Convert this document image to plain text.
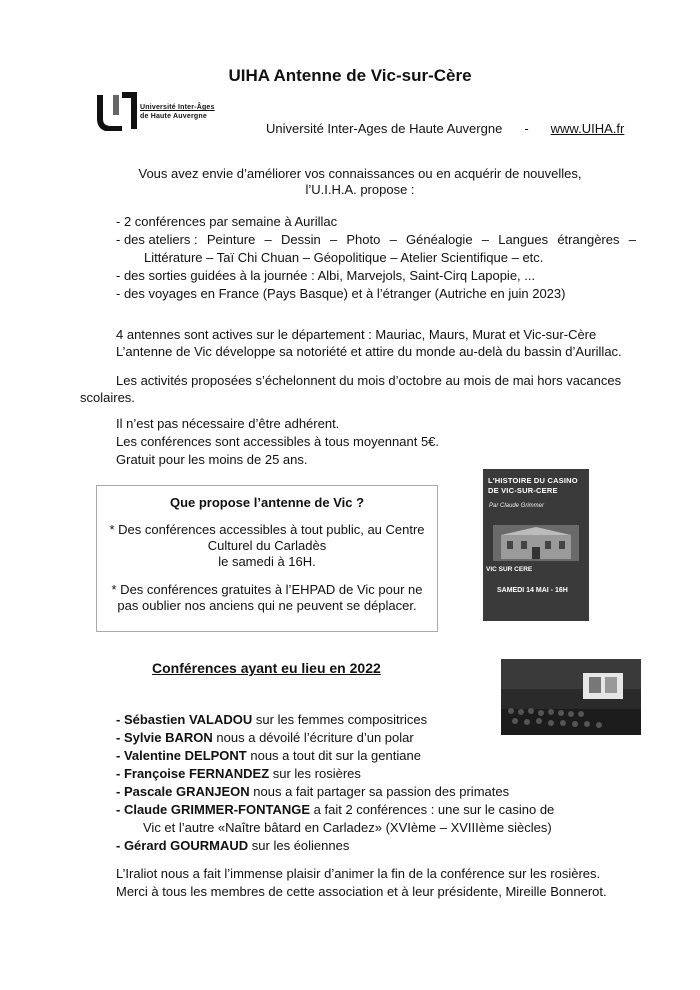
UIHA Antenne de Vic-sur-Cère
Université Inter-Âges
de Haute Auvergne
Université Inter-Ages de Haute Auvergne - www.UIHA.fr
Vous avez envie d’améliorer vos connaissances ou en acquérir de nouvelles,
l’U.I.H.A. propose :
- 2 conférences par semaine à Aurillac
- des ateliers : Peinture – Dessin – Photo – Généalogie – Langues étrangères –
Littérature – Taï Chi Chuan – Géopolitique – Atelier Scientifique – etc.
- des sorties guidées à la journée : Albi, Marvejols, Saint-Cirq Lapopie, ...
- des voyages en France (Pays Basque) et à l’étranger (Autriche en juin 2023)
4 antennes sont actives sur le département : Mauriac, Maurs, Murat et Vic-sur-Cère
L’antenne de Vic développe sa notoriété et attire du monde au-delà du bassin d’Aurillac.
Les activités proposées s’échelonnent du mois d’octobre au mois de mai hors vacances
scolaires.
Il n’est pas nécessaire d’être adhérent.
Les conférences sont accessibles à tous moyennant 5€.
Gratuit pour les moins de 25 ans.
Que propose l’antenne de Vic ?
* Des conférences accessibles à tout public, au Centre
Culturel du Carladès
le samedi à 16H.
* Des conférences gratuites à l’EHPAD de Vic pour ne
pas oublier nos anciens qui ne peuvent se déplacer.
L'HISTOIRE DU CASINO
DE VIC-SUR-CERE
Par Claude Grimmer
VIC SUR CERE
SAMEDI 14 MAI - 16H
Conférences ayant eu lieu en 2022
- Sébastien VALADOU sur les femmes compositrices
- Sylvie BARON nous a dévoilé l’écriture d’un polar
- Valentine DELPONT nous a tout dit sur la gentiane
- Françoise FERNANDEZ sur les rosières
- Pascale GRANJEON nous a fait partager sa passion des primates
- Claude GRIMMER-FONTANGE a fait 2 conférences : une sur le casino de
Vic et l’autre «Naître bâtard en Carladez» (XVIème – XVIIIème siècles)
- Gérard GOURMAUD sur les éoliennes
L’Iraliot nous a fait l’immense plaisir d’animer la fin de la conférence sur les rosières.
Merci à tous les membres de cette association et à leur présidente, Mireille Bonnerot.
